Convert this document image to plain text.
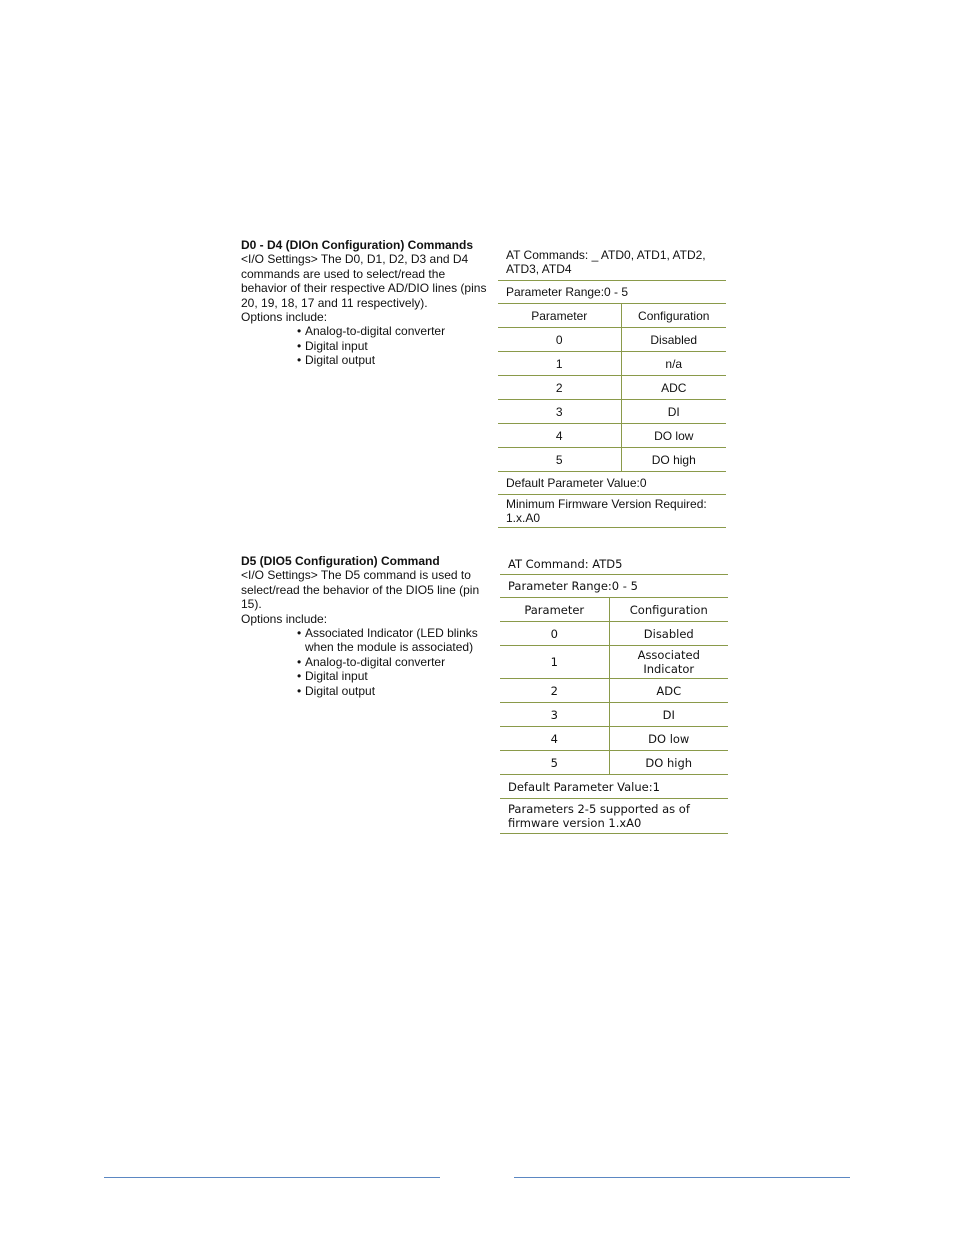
D0 - D4 (DIOn Configuration) Commands
<I/O Settings> The D0, D1, D2, D3 and D4 commands are used to select/read the behavior of their respective AD/DIO lines (pins 20, 19, 18, 17 and 11 respectively).
Options include:
• Analog-to-digital converter
• Digital input
• Digital output
AT Commands: _ ATD0, ATD1, ATD2, ATD3, ATD4	
Parameter Range:0 - 5	
Parameter	Configuration
0	Disabled
1	n/a
2	ADC
3	DI
4	DO low
5	DO high
Default Parameter Value:0	
Minimum Firmware Version Required: 1.x.A0	
D5 (DIO5 Configuration) Command
<I/O Settings> The D5 command is used to select/read the behavior of the DIO5 line (pin 15).
Options include:
• Associated Indicator (LED blinks when the module is associated)
• Analog-to-digital converter
• Digital input
• Digital output
AT Command: ATD5	
Parameter Range:0 - 5	
Parameter	Configuration
0	Disabled
1	Associated Indicator
2	ADC
3	DI
4	DO low
5	DO high
Default Parameter Value:1	
Parameters 2-5 supported as of firmware version 1.xA0	
